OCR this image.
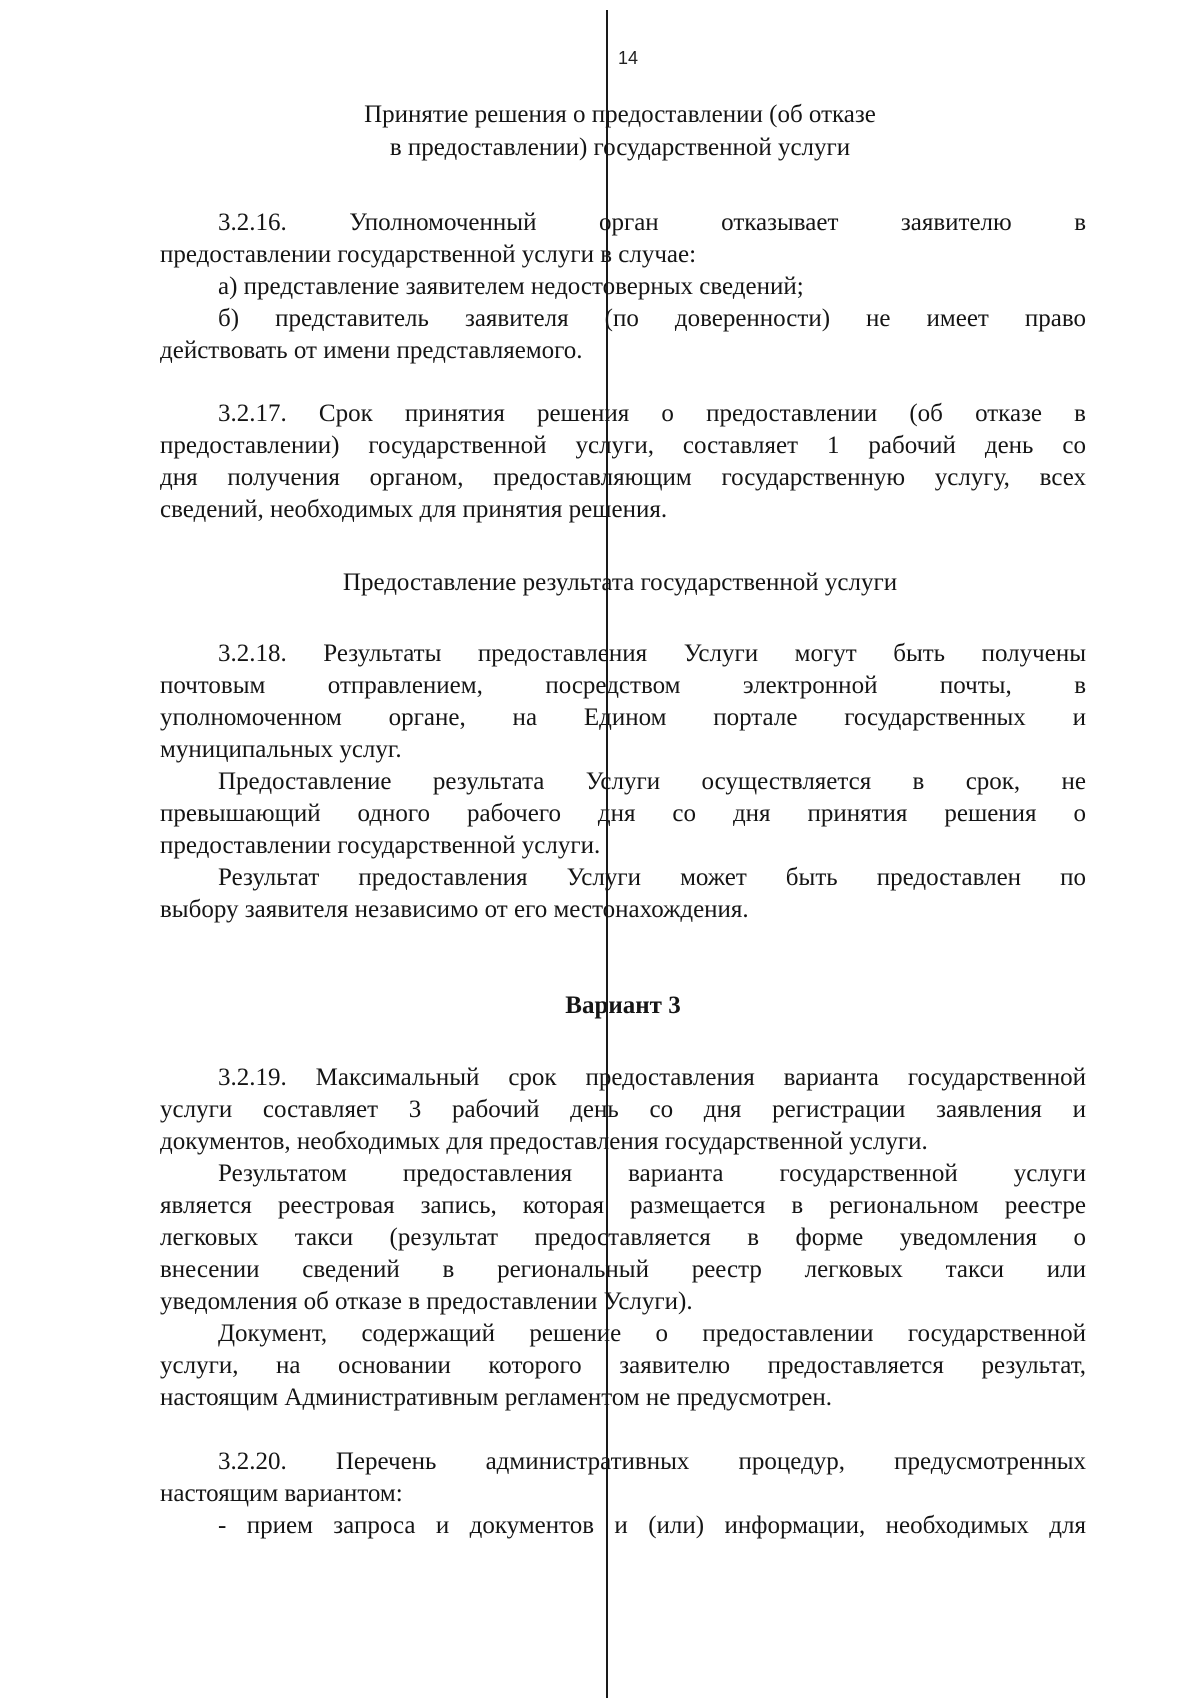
14
Принятие решения о предоставлении (об отказе
в предоставлении) государственной услуги
3.2.16. Уполномоченный орган отказывает заявителю в
предоставлении государственной услуги в случае:
а) представление заявителем недостоверных сведений;
б) представитель заявителя (по доверенности) не имеет право
действовать от имени представляемого.
3.2.17. Срок принятия решения о предоставлении (об отказе в
предоставлении) государственной услуги, составляет 1 рабочий день со
дня получения органом, предоставляющим государственную услугу, всех
сведений, необходимых для принятия решения.
Предоставление результата государственной услуги
3.2.18. Результаты предоставления Услуги могут быть получены
почтовым отправлением, посредством электронной почты, в
уполномоченном органе, на Едином портале государственных и
муниципальных услуг.
Предоставление результата Услуги осуществляется в срок, не
превышающий одного рабочего дня со дня принятия решения о
предоставлении государственной услуги.
Результат предоставления Услуги может быть предоставлен по
выбору заявителя независимо от его местонахождения.
Вариант 3
3.2.19. Максимальный срок предоставления варианта государственной
услуги составляет 3 рабочий день со дня регистрации заявления и
документов, необходимых для предоставления государственной услуги.
Результатом предоставления варианта государственной услуги
является реестровая запись, которая размещается в региональном реестре
легковых такси (результат предоставляется в форме уведомления о
внесении сведений в региональный реестр легковых такси или
уведомления об отказе в предоставлении Услуги).
Документ, содержащий решение о предоставлении государственной
услуги, на основании которого заявителю предоставляется результат,
настоящим Административным регламентом не предусмотрен.
3.2.20. Перечень административных процедур, предусмотренных
настоящим вариантом:
- прием запроса и документов и (или) информации, необходимых для
